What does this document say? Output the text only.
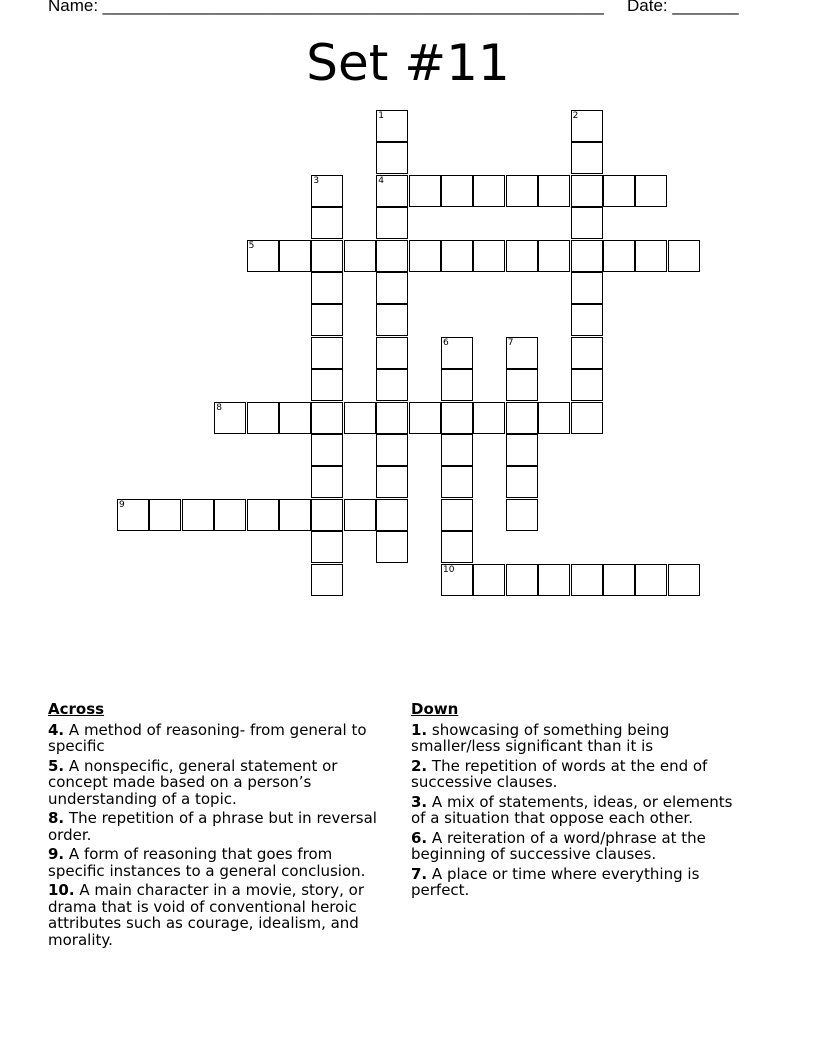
Name: _____________________________________________________ Date: _______
Set #11
1
4
2
3
5
6
10
7
8
9
Across
4. A method of reasoning- from general to specific
5. A nonspecific, general statement or concept made based on a person’s understanding of a topic.
8. The repetition of a phrase but in reversal order.
9. A form of reasoning that goes from specific instances to a general conclusion.
10. A main character in a movie, story, or drama that is void of conventional heroic attributes such as courage, idealism, and morality.
Down
1. showcasing of something being smaller/less significant than it is
2. The repetition of words at the end of successive clauses.
3. A mix of statements, ideas, or elements of a situation that oppose each other.
6. A reiteration of a word/phrase at the beginning of successive clauses.
7. A place or time where everything is perfect.
